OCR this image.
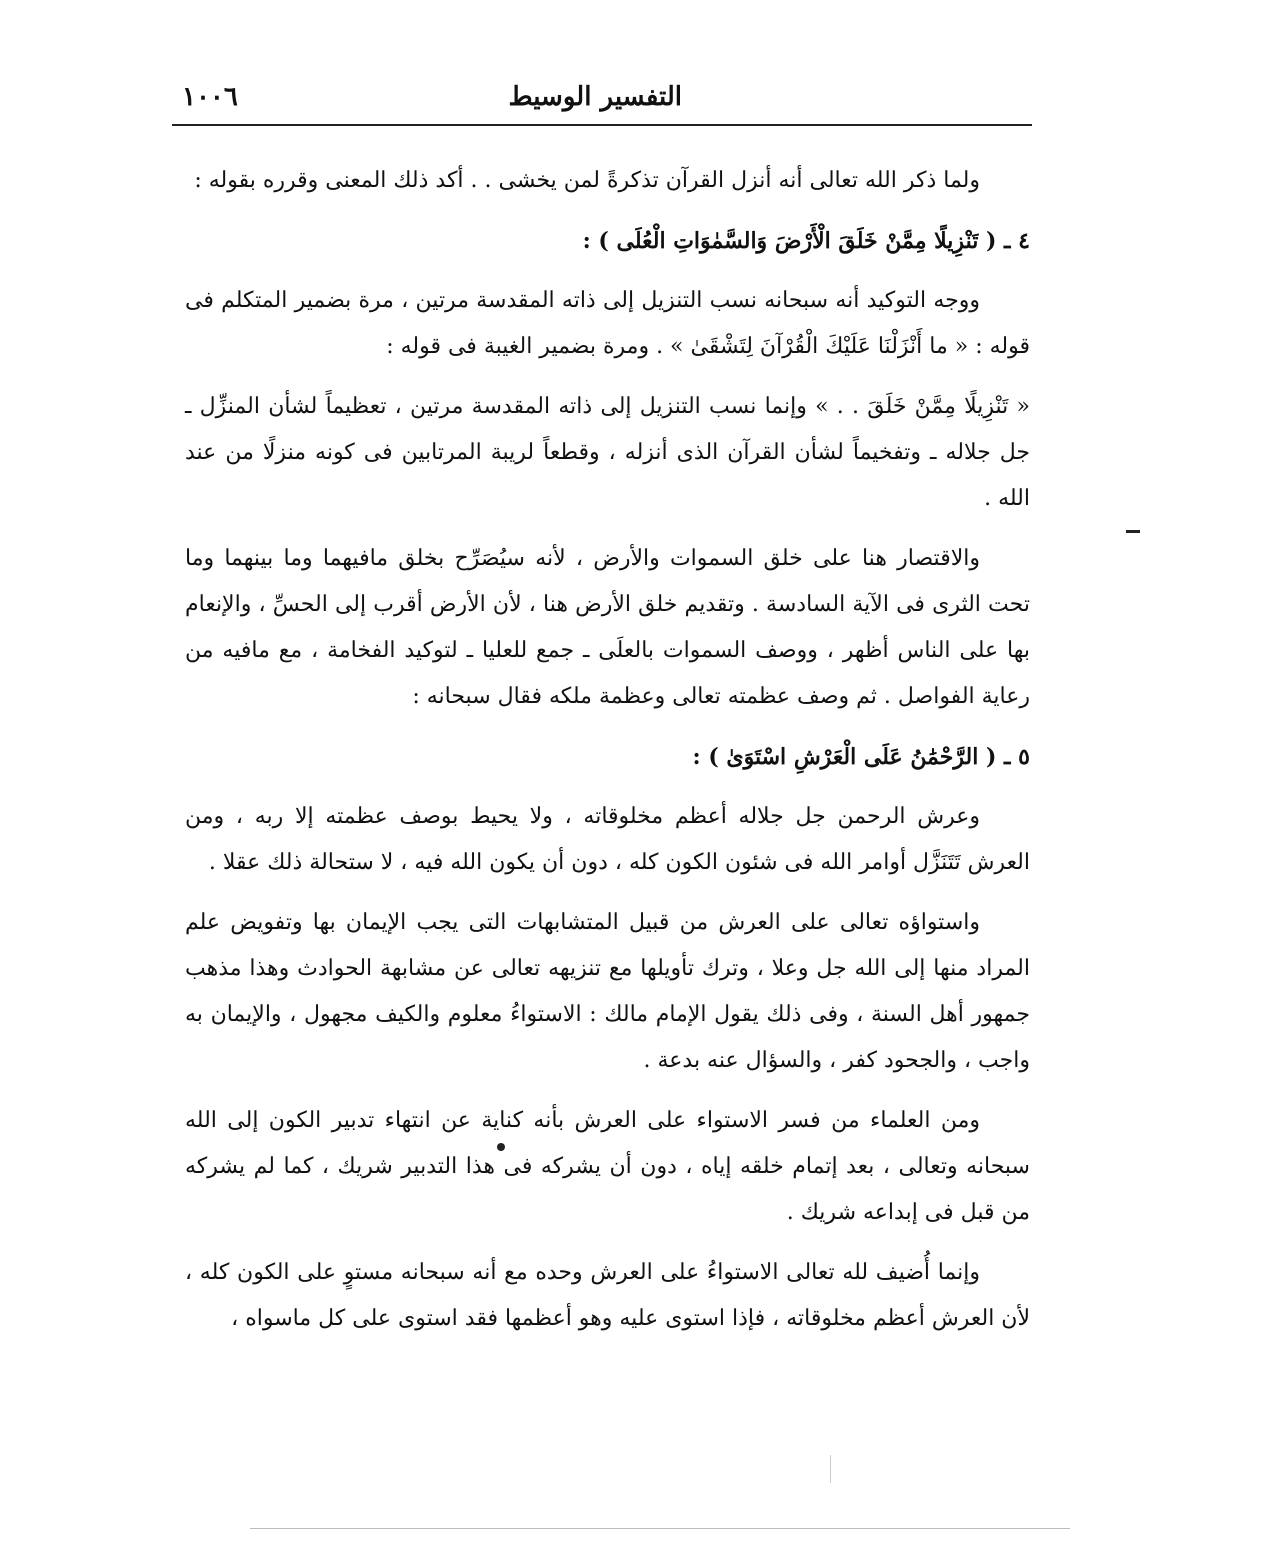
التفسير الوسيط
١٠٠٦

ولما ذكر الله تعالى أنه أنزل القرآن تذكرةً لمن يخشى . . أكد ذلك المعنى وقرره بقوله :

٤ ـ ( تَنْزِيلًا مِمَّنْ خَلَقَ الْأَرْضَ وَالسَّمٰوَاتِ الْعُلَى ) :

ووجه التوكيد أنه سبحانه نسب التنزيل إلى ذاته المقدسة مرتين ، مرة بضمير المتكلم فى قوله : « ما أَنْزَلْنَا عَلَيْكَ الْقُرْآنَ لِتَشْقَىٰ » . ومرة بضمير الغيبة فى قوله :

« تَنْزِيلًا مِمَّنْ خَلَقَ . . » وإنما نسب التنزيل إلى ذاته المقدسة مرتين ، تعظيماً لشأن المنزِّل ـ جل جلاله ـ وتفخيماً لشأن القرآن الذى أنزله ، وقطعاً لريبة المرتابين فى كونه منزلًا من عند الله .

والاقتصار هنا على خلق السموات والأرض ، لأنه سيُصَرِّح بخلق مافيهما وما بينهما وما تحت الثرى فى الآية السادسة . وتقديم خلق الأرض هنا ، لأن الأرض أقرب إلى الحسِّ ، والإنعام بها على الناس أظهر ، ووصف السموات بالعلَى ـ جمع للعليا ـ لتوكيد الفخامة ، مع مافيه من رعاية الفواصل . ثم وصف عظمته تعالى وعظمة ملكه فقال سبحانه :

٥ ـ ( الرَّحْمَٰنُ عَلَى الْعَرْشِ اسْتَوَىٰ ) :

وعرش الرحمن جل جلاله أعظم مخلوقاته ، ولا يحيط بوصف عظمته إلا ربه ، ومن العرش تَتَنَزَّل أوامر الله فى شئون الكون كله ، دون أن يكون الله فيه ، لا ستحالة ذلك عقلا .

واستواؤه تعالى على العرش من قبيل المتشابهات التى يجب الإيمان بها وتفويض علم المراد منها إلى الله جل وعلا ، وترك تأويلها مع تنزيهه تعالى عن مشابهة الحوادث وهذا مذهب جمهور أهل السنة ، وفى ذلك يقول الإمام مالك : الاستواءُ معلوم والكيف مجهول ، والإيمان به واجب ، والجحود كفر ، والسؤال عنه بدعة .

ومن العلماء من فسر الاستواء على العرش بأنه كناية عن انتهاء تدبير الكون إلى الله سبحانه وتعالى ، بعد إتمام خلقه إياه ، دون أن يشركه فى هذا التدبير شريك ، كما لم يشركه من قبل فى إبداعه شريك .

وإنما أُضيف لله تعالى الاستواءُ على العرش وحده مع أنه سبحانه مستوٍ على الكون كله ، لأن العرش أعظم مخلوقاته ، فإذا استوى عليه وهو أعظمها فقد استوى على كل ماسواه ،
